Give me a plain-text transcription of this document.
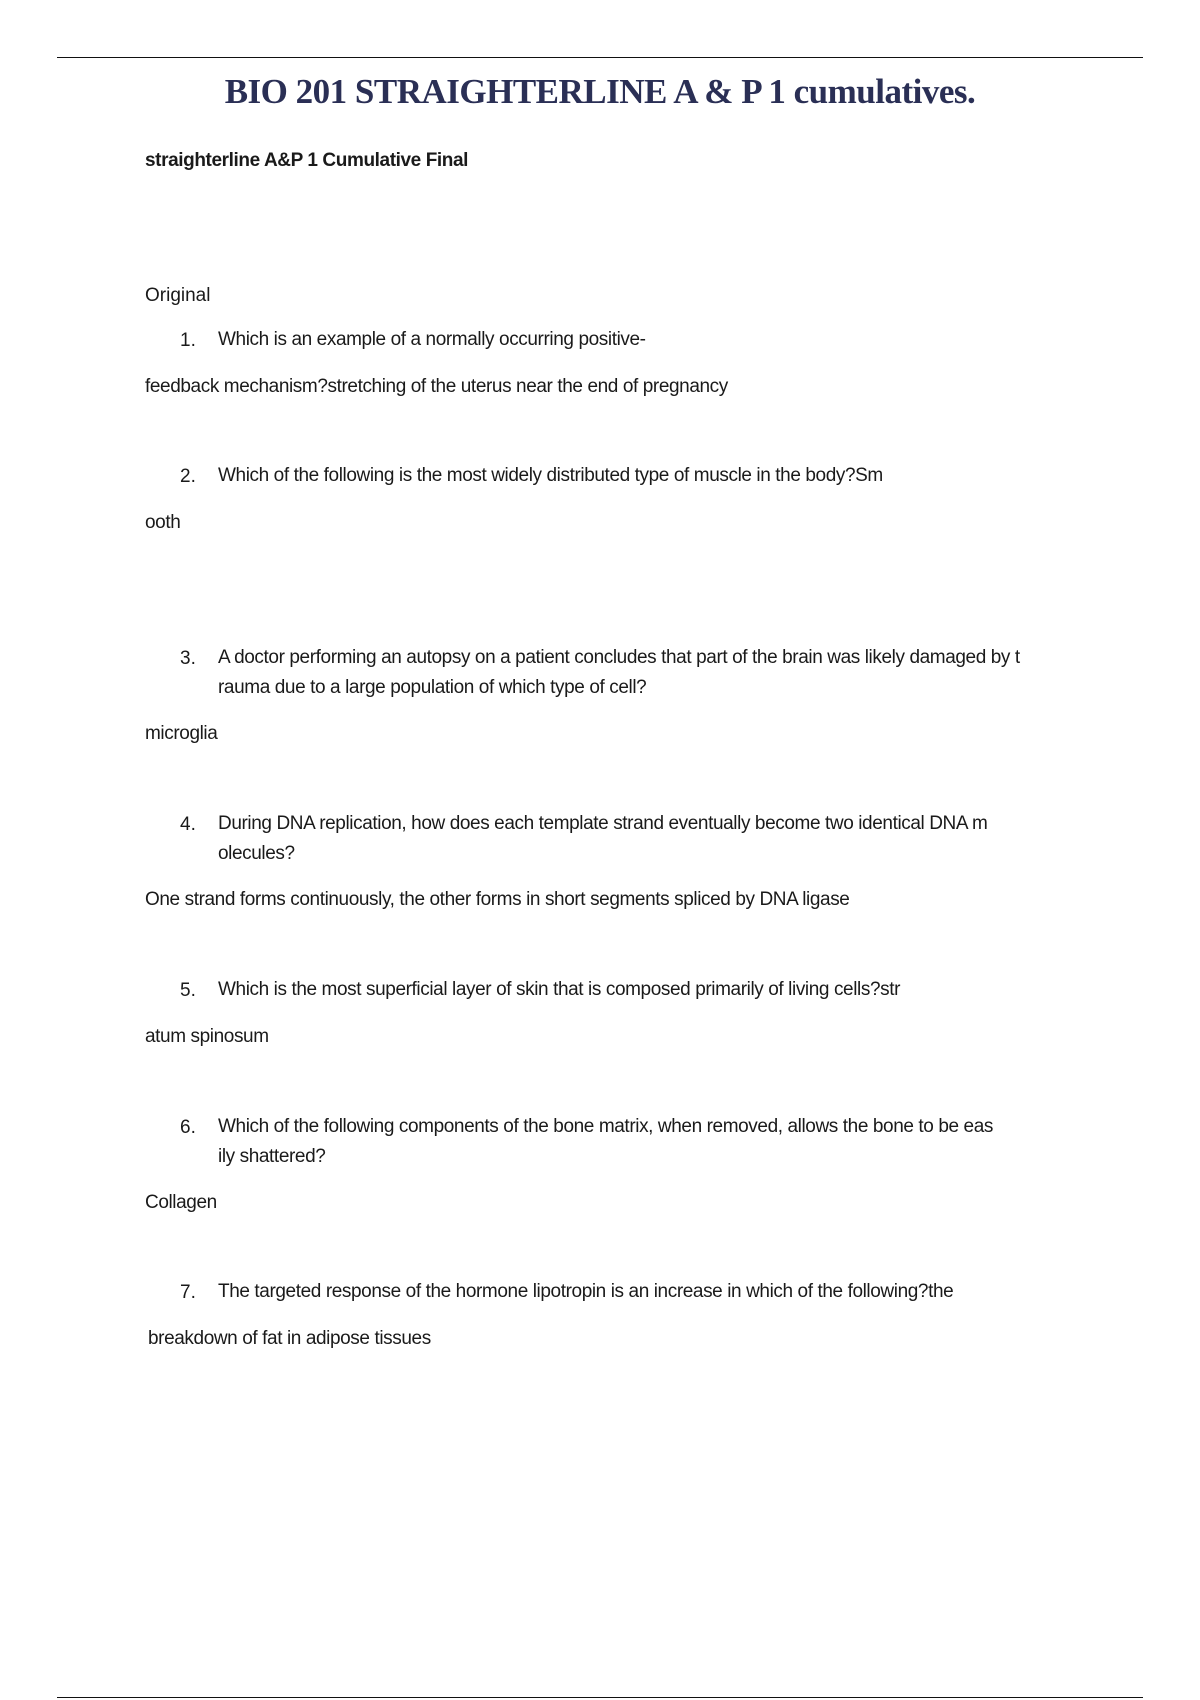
BIO 201 STRAIGHTERLINE A & P 1 cumulatives.

straighterline A&P 1 Cumulative Final

Original

1.	Which is an example of a normally occurring positive-
feedback mechanism?stretching of the uterus near the end of pregnancy
2.	Which of the following is the most widely distributed type of muscle in the body?Sm
ooth
3.	A doctor performing an autopsy on a patient concludes that part of the brain was likely damaged by t
rauma due to a large population of which type of cell?
microglia
4.	During DNA replication, how does each template strand eventually become two identical DNA m
olecules?
One strand forms continuously, the other forms in short segments spliced by DNA ligase
5.	Which is the most superficial layer of skin that is composed primarily of living cells?str
atum spinosum
6.	Which of the following components of the bone matrix, when removed, allows the bone to be eas
ily shattered?
Collagen
7.	The targeted response of the hormone lipotropin is an increase in which of the following?the
breakdown of fat in adipose tissues
